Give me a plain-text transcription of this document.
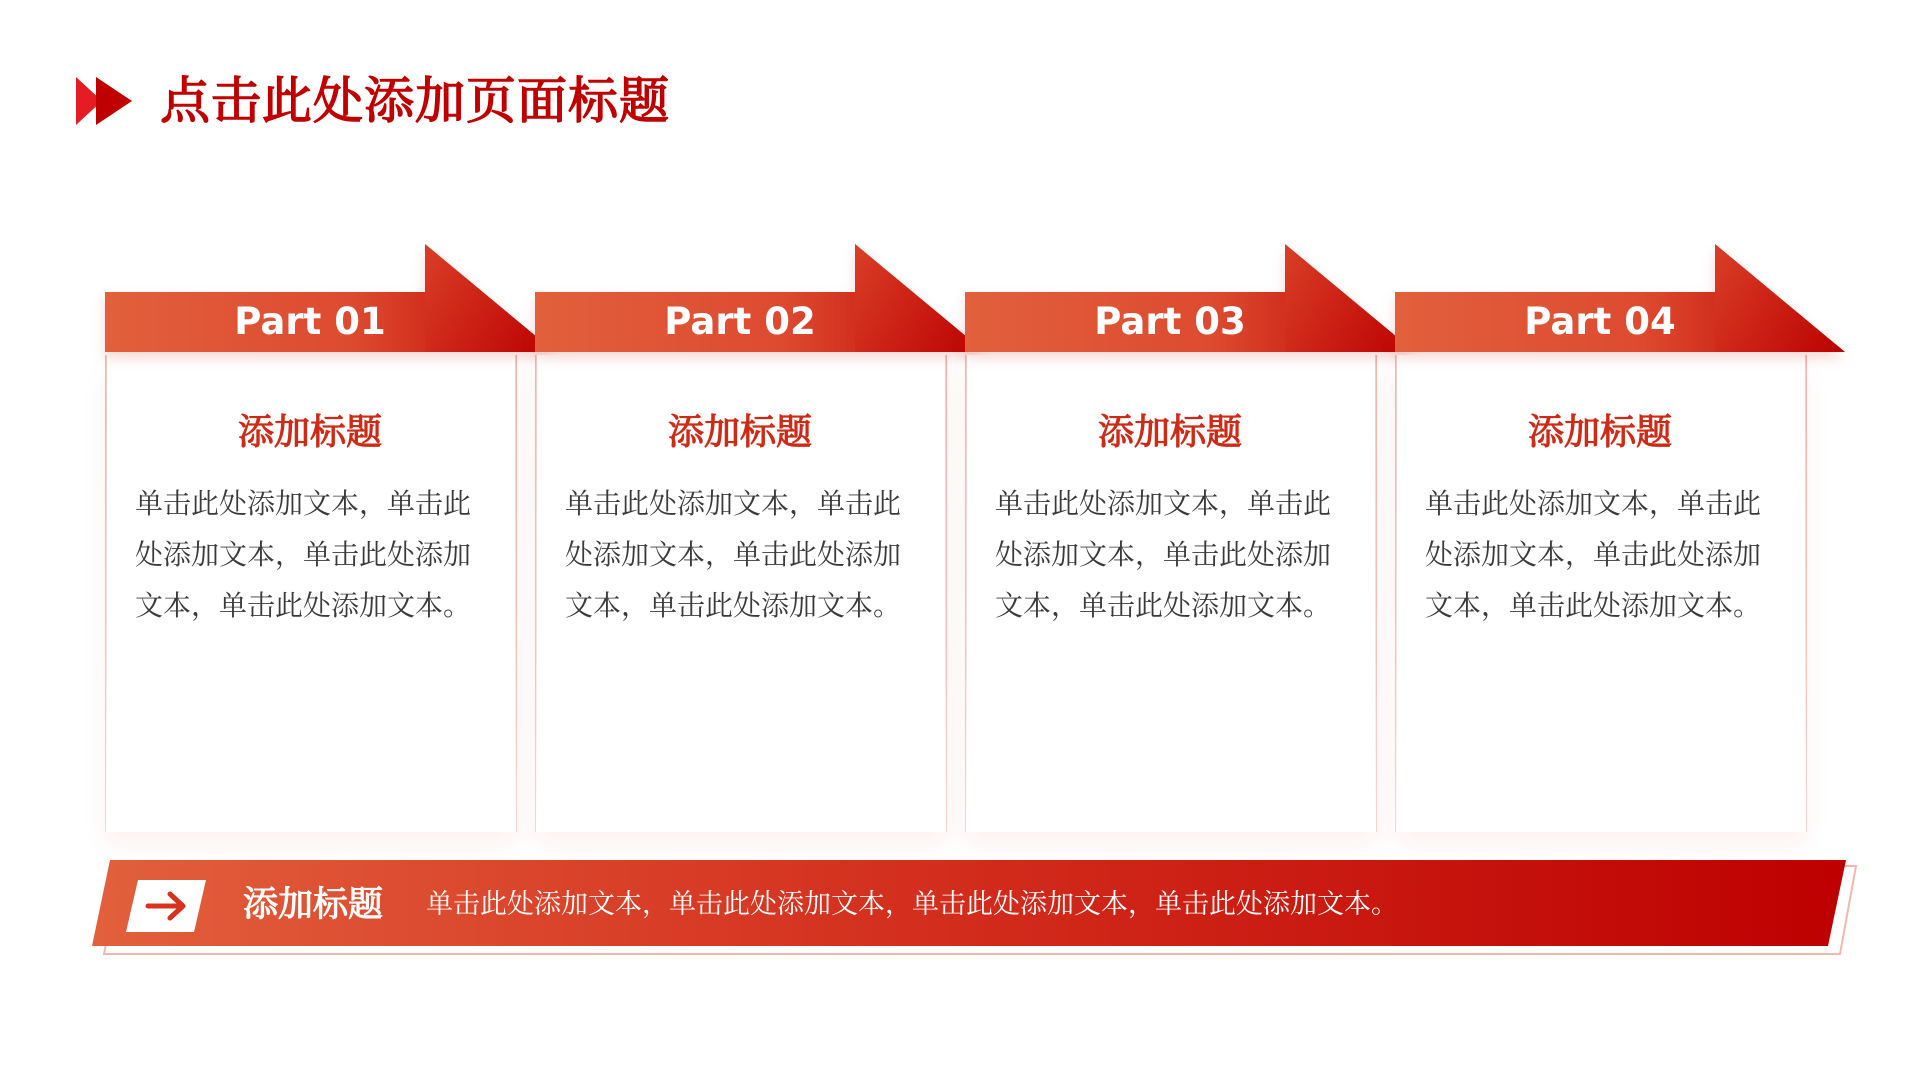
点击此处添加页面标题
Part 01
添加标题
单击此处添加文本，单击此处添加文本，单击此处添加文本，单击此处添加文本。
Part 02
添加标题
单击此处添加文本，单击此处添加文本，单击此处添加文本，单击此处添加文本。
Part 03
添加标题
单击此处添加文本，单击此处添加文本，单击此处添加文本，单击此处添加文本。
Part 04
添加标题
单击此处添加文本，单击此处添加文本，单击此处添加文本，单击此处添加文本。
添加标题 单击此处添加文本，单击此处添加文本，单击此处添加文本，单击此处添加文本。
